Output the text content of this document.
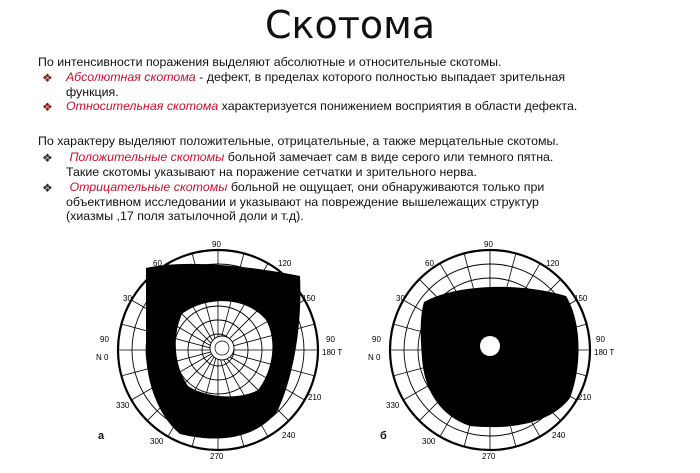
Скотома
По интенсивности поражения выделяют абсолютные и относительные скотомы.
❖ Абсолютная скотома - дефект, в пределах которого полностью выпадает зрительная
функция.
❖ Относительная скотома характеризуется понижением восприятия в области дефекта.
По характеру выделяют положительные, отрицательные, а также мерцательные скотомы.
❖ Положительные скотомы больной замечает сам в виде серого или темного пятна.
Такие скотомы указывают на поражение сетчатки и зрительного нерва.
❖ Отрицательные скотомы больной не ощущает, они обнаруживаются только при
объективном исследовании и указывают на повреждение вышележащих структур
(хиазмы ,17 поля затылочной доли и т.д).
90
60	120
30	150
90
N 0
90
180 T
330
210
300
240
270
а
90
60	120
30	150
90
N 0
90
180 T
330
210
300
240
270
б
